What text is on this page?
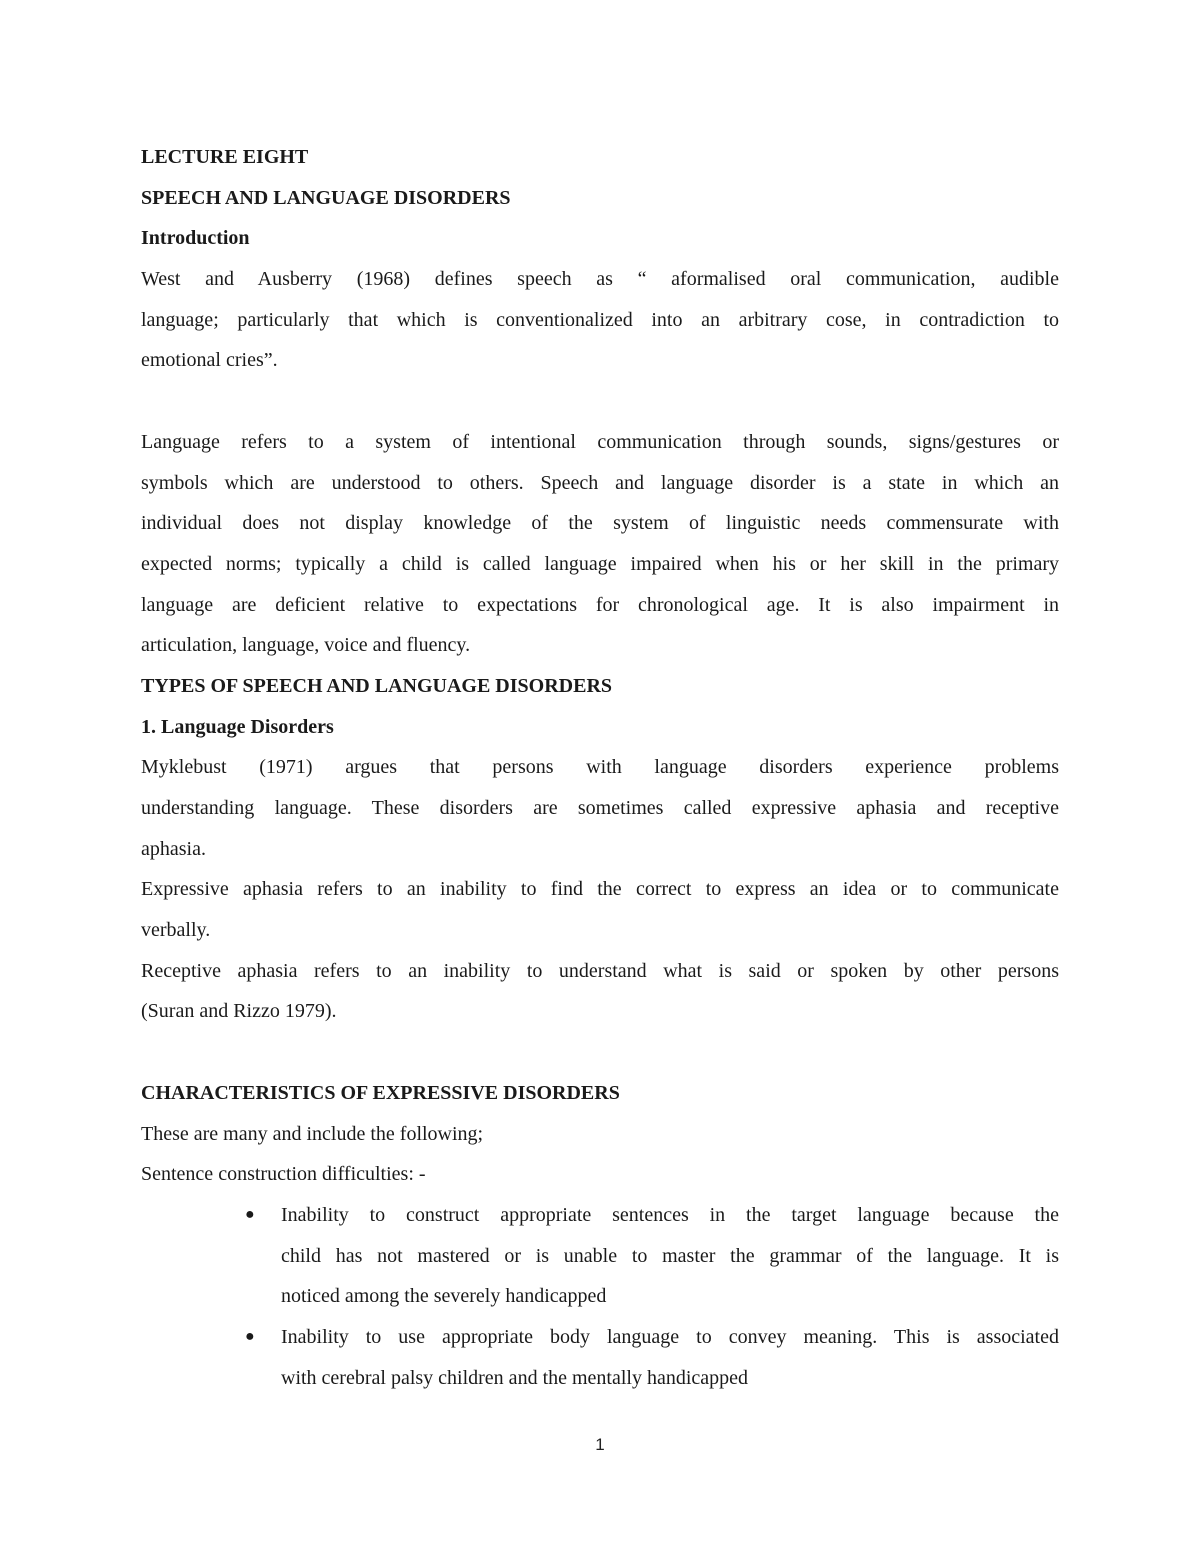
LECTURE EIGHT
SPEECH AND LANGUAGE DISORDERS
Introduction
West and Ausberry (1968) defines speech as “ aformalised oral communication, audible
language; particularly that which is conventionalized into an arbitrary cose, in contradiction to
emotional cries”.
Language refers to a system of intentional communication through sounds, signs/gestures or
symbols which are understood to others. Speech and language disorder is a state in which an
individual does not display knowledge of the system of linguistic needs commensurate with
expected norms; typically a child is called language impaired when his or her skill in the primary
language are deficient relative to expectations for chronological age. It is also impairment in
articulation, language, voice and fluency.
TYPES OF SPEECH AND LANGUAGE DISORDERS
1. Language Disorders
Myklebust (1971) argues that persons with language disorders experience problems
understanding language. These disorders are sometimes called expressive aphasia and receptive
aphasia.
Expressive aphasia refers to an inability to find the correct to express an idea or to communicate
verbally.
Receptive aphasia refers to an inability to understand what is said or spoken by other persons
(Suran and Rizzo 1979).
CHARACTERISTICS OF EXPRESSIVE DISORDERS
These are many and include the following;
Sentence construction difficulties: -
● Inability to construct appropriate sentences in the target language because the
child has not mastered or is unable to master the grammar of the language. It is
noticed among the severely handicapped
● Inability to use appropriate body language to convey meaning. This is associated
with cerebral palsy children and the mentally handicapped
1
